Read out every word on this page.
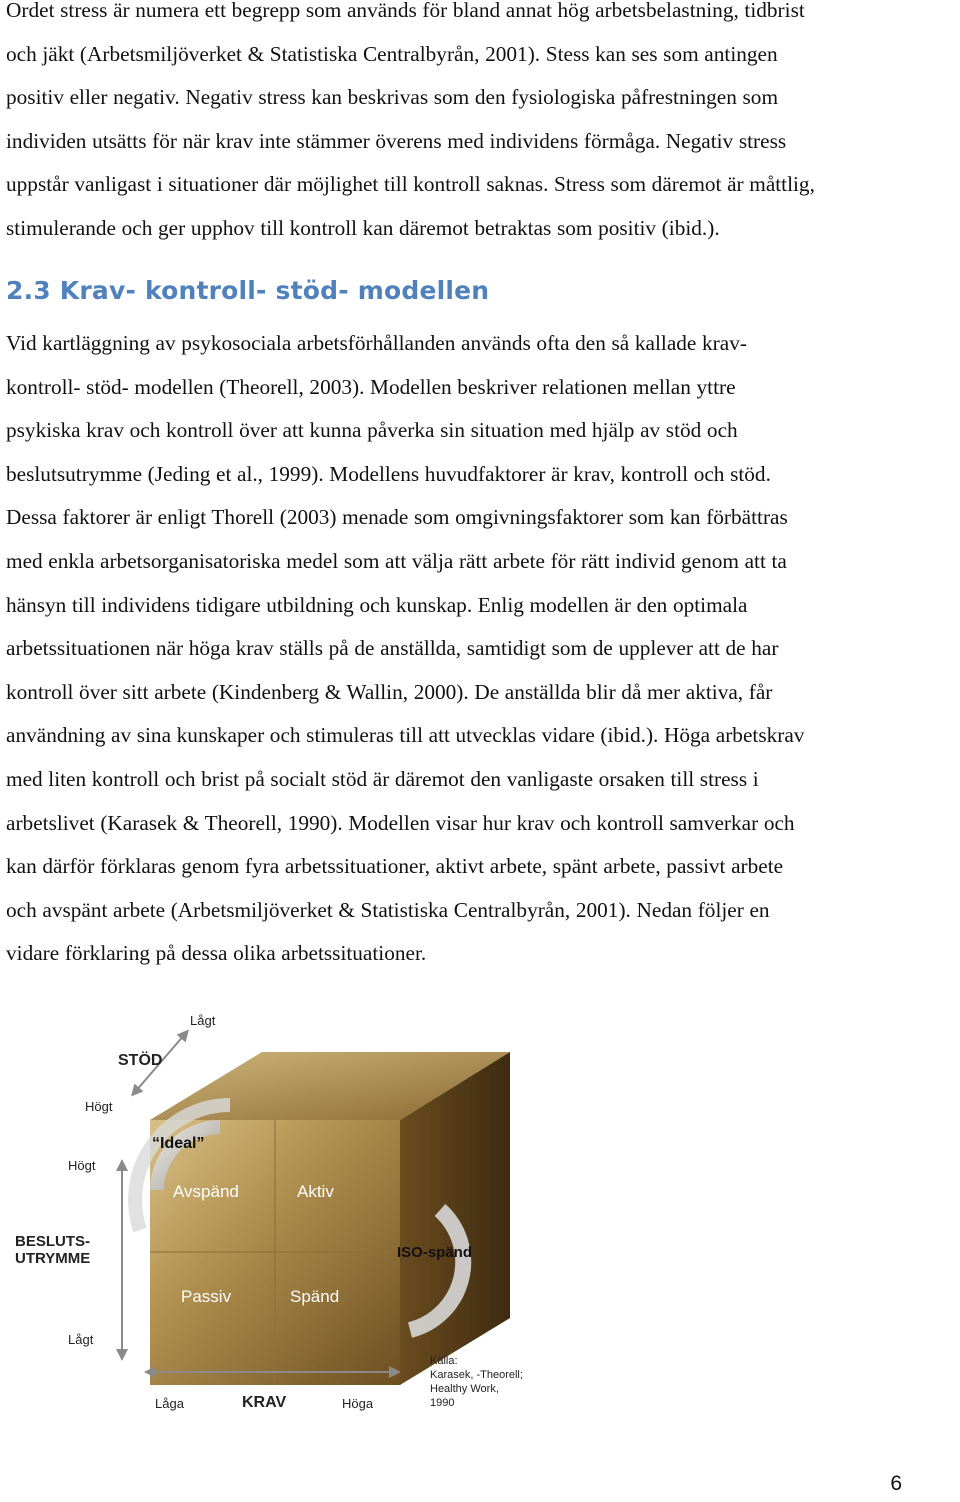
Ordet stress är numera ett begrepp som används för bland annat hög arbetsbelastning, tidbrist
och jäkt (Arbetsmiljöverket & Statistiska Centralbyrån, 2001). Stess kan ses som antingen
positiv eller negativ. Negativ stress kan beskrivas som den fysiologiska påfrestningen som
individen utsätts för när krav inte stämmer överens med individens förmåga. Negativ stress
uppstår vanligast i situationer där möjlighet till kontroll saknas. Stress som däremot är måttlig,
stimulerande och ger upphov till kontroll kan däremot betraktas som positiv (ibid.).

2.3 Krav- kontroll- stöd- modellen

Vid kartläggning av psykosociala arbetsförhållanden används ofta den så kallade krav-
kontroll- stöd- modellen (Theorell, 2003). Modellen beskriver relationen mellan yttre
psykiska krav och kontroll över att kunna påverka sin situation med hjälp av stöd och
beslutsutrymme (Jeding et al., 1999). Modellens huvudfaktorer är krav, kontroll och stöd.
Dessa faktorer är enligt Thorell (2003) menade som omgivningsfaktorer som kan förbättras
med enkla arbetsorganisatoriska medel som att välja rätt arbete för rätt individ genom att ta
hänsyn till individens tidigare utbildning och kunskap. Enlig modellen är den optimala
arbetssituationen när höga krav ställs på de anställda, samtidigt som de upplever att de har
kontroll över sitt arbete (Kindenberg & Wallin, 2000). De anställda blir då mer aktiva, får
användning av sina kunskaper och stimuleras till att utvecklas vidare (ibid.). Höga arbetskrav
med liten kontroll och brist på socialt stöd är däremot den vanligaste orsaken till stress i
arbetslivet (Karasek & Theorell, 1990). Modellen visar hur krav och kontroll samverkar och
kan därför förklaras genom fyra arbetssituationer, aktivt arbete, spänt arbete, passivt arbete
och avspänt arbete (Arbetsmiljöverket & Statistiska Centralbyrån, 2001). Nedan följer en
vidare förklaring på dessa olika arbetssituationer.

Lågt
STÖD
Högt
“Ideal”
Högt
BESLUTS-
UTRYMME
Lågt
Avspänd	Aktiv
Passiv	Spänd
ISO-spänd
Låga	KRAV	Höga
Källa:
Karasek, -Theorell;
Healthy Work,
1990
6
